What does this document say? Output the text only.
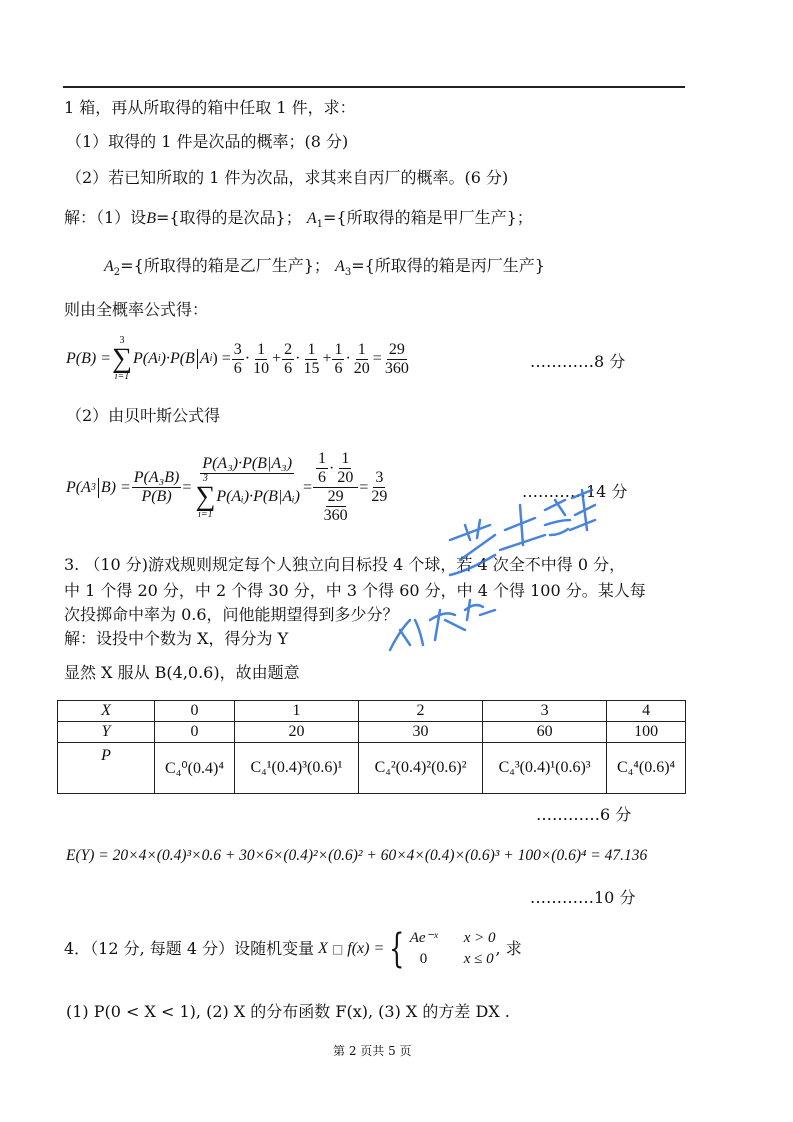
1 箱，再从所取得的箱中任取 1 件，求：
（1）取得的 1 件是次品的概率；(8 分)
（2）若已知所取的 1 件为次品，求其来自丙厂的概率。(6 分)
解：（1）设B={取得的是次品}； $A_1=${所取得的箱是甲厂生产}；
$A_2=${所取得的箱是乙厂生产}； $A_3=${所取得的箱是丙厂生产}
则由全概率公式得：
P(B) =
3
∑
i=1
P(A i )·P(B A i ) = $\frac{3}{6} \cdot \frac{1}{10} + \frac{2}{6} \cdot \frac{1}{15} + \frac{1}{6} \cdot \frac{1}{20} = \frac{29}{360}$	…………8 分
（2）由贝叶斯公式得
P(A 3 $B) = \frac{\text{P(A₃B)}}{P(B)} = P(A_3)\cdot P(B|A_3)$
3
∑
i=1
P(Aᵢ)·P(B|Aᵢ) = $\frac{\frac{1}{6} \cdot \frac{1}{20}}{\frac{29}{360}} = \frac{3}{29}$	…………14 分
3. （10 分)游戏规则规定每个人独立向目标投 4 个球，若 4 次全不中得 0 分，
中 1 个得 20 分，中 2 个得 30 分，中 3 个得 60 分，中 4 个得 100 分。某人每
次投掷命中率为 0.6，问他能期望得到多少分？
解：设投中个数为 X，得分为 Y
显然 X 服从 B(4,0.6)，故由题意
X	0	1	2	3	4
Y	0	20	30	60	100
P	C₄⁰(0.4)⁴	C₄¹(0.4)³(0.6)¹	C₄²(0.4)²(0.6)²	C₄³(0.4)¹(0.6)³	C₄⁴(0.6)⁴
…………6 分
E(Y) = 20×4×(0.4)³×0.6 + 30×6×(0.4)²×(0.6)² + 60×4×(0.4)×(0.6)³ + 100×(0.6)⁴ = 47.136
…………10 分
4．（12 分, 每题 4 分）设随机变量 X □ f(x) = { Ae⁻ˣ x > 0
0 x ≤ 0
, 求
(1) P(0 < X < 1), (2) X 的分布函数 F(x), (3) X 的方差 DX .
第 2 页共 5 页
